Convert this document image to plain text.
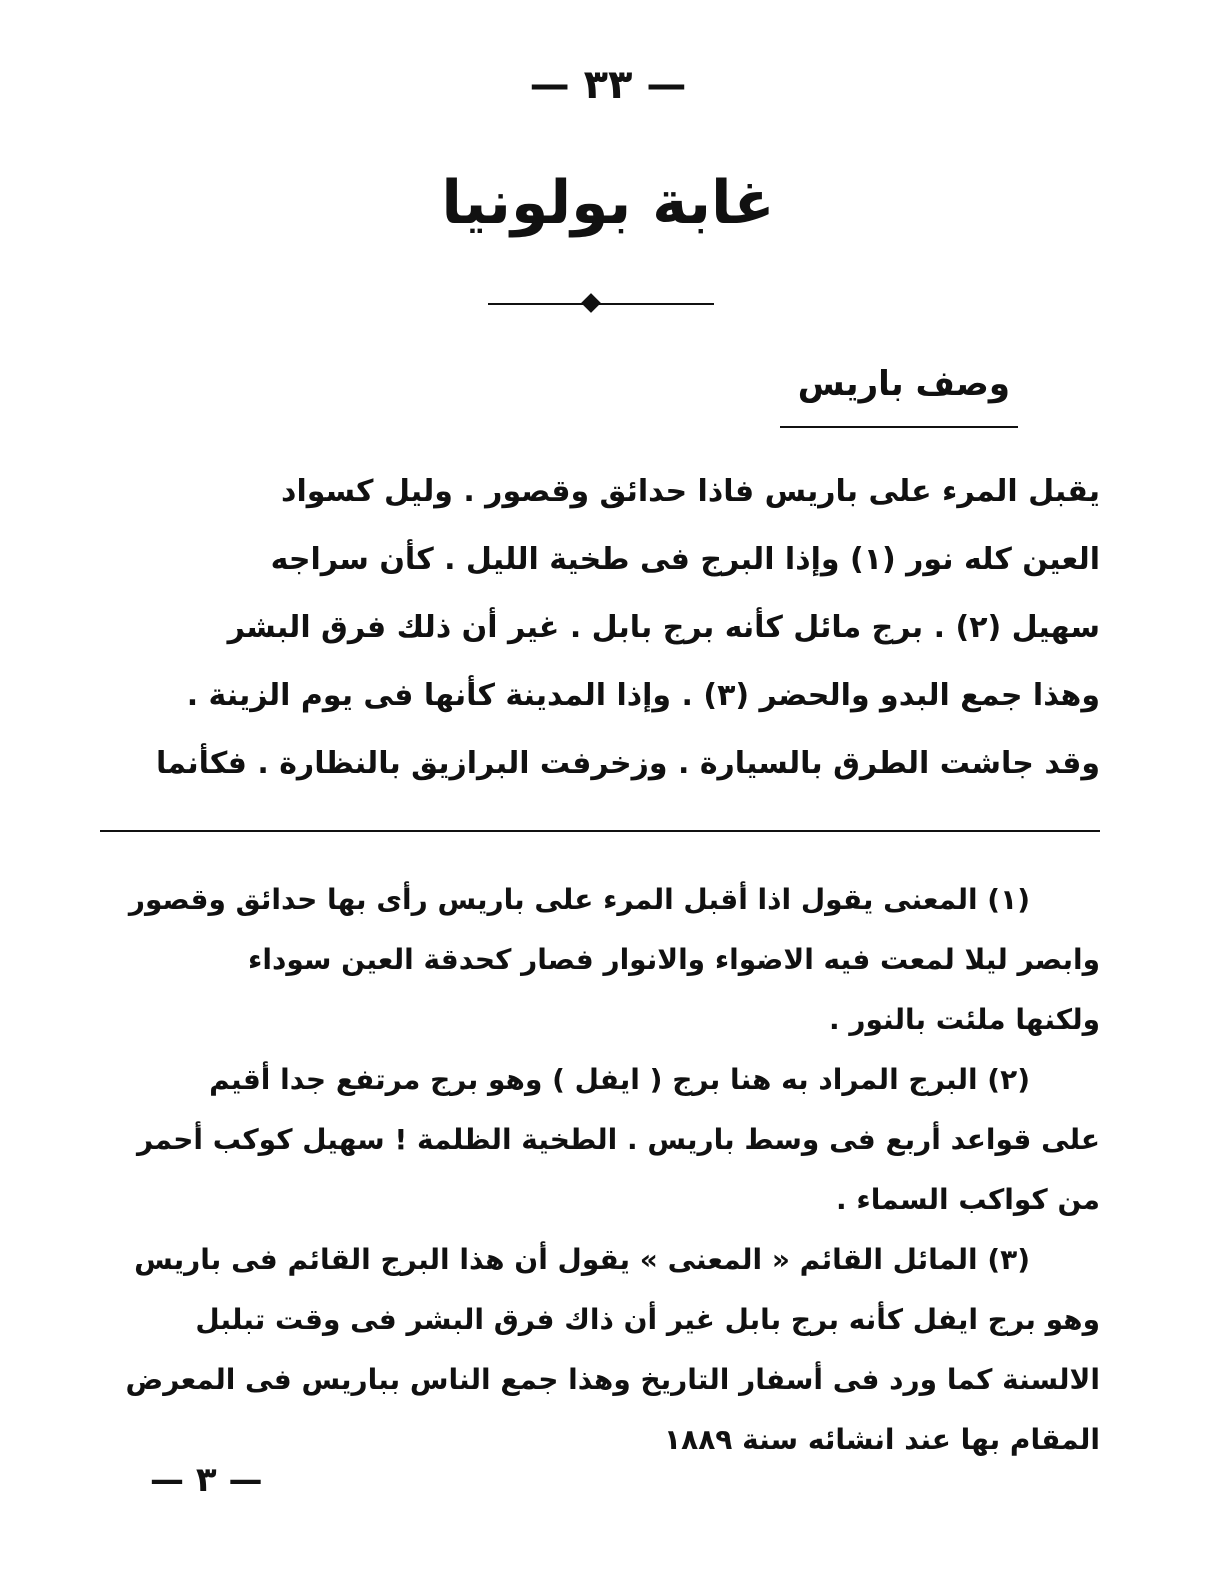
— ٣٣ —
غابة بولونيا
وصف باريس
يقبل المرء على باريس فاذا حدائق وقصور . وليل كسواد
العين كله نور (١) وإذا البرج فى طخية الليل . كأن سراجه
سهيل (٢) . برج مائل كأنه برج بابل . غير أن ذلك فرق البشر
وهذا جمع البدو والحضر (٣) . وإذا المدينة كأنها فى يوم الزينة .
وقد جاشت الطرق بالسيارة . وزخرفت البرازيق بالنظارة . فكأنما
(١) المعنى يقول اذا أقبل المرء على باريس رأى بها حدائق وقصور
وابصر ليلا لمعت فيه الاضواء والانوار فصار كحدقة العين سوداء
ولكنها ملئت بالنور .
(٢) البرج المراد به هنا برج ( ايفل ) وهو برج مرتفع جدا أقيم
على قواعد أربع فى وسط باريس . الطخية الظلمة ! سهيل كوكب أحمر
من كواكب السماء .
(٣) المائل القائم « المعنى » يقول أن هذا البرج القائم فى باريس
وهو برج ايفل كأنه برج بابل غير أن ذاك فرق البشر فى وقت تبلبل
الالسنة كما ورد فى أسفار التاريخ وهذا جمع الناس بباريس فى المعرض
المقام بها عند انشائه سنة ١٨٨٩
— ٣ —
